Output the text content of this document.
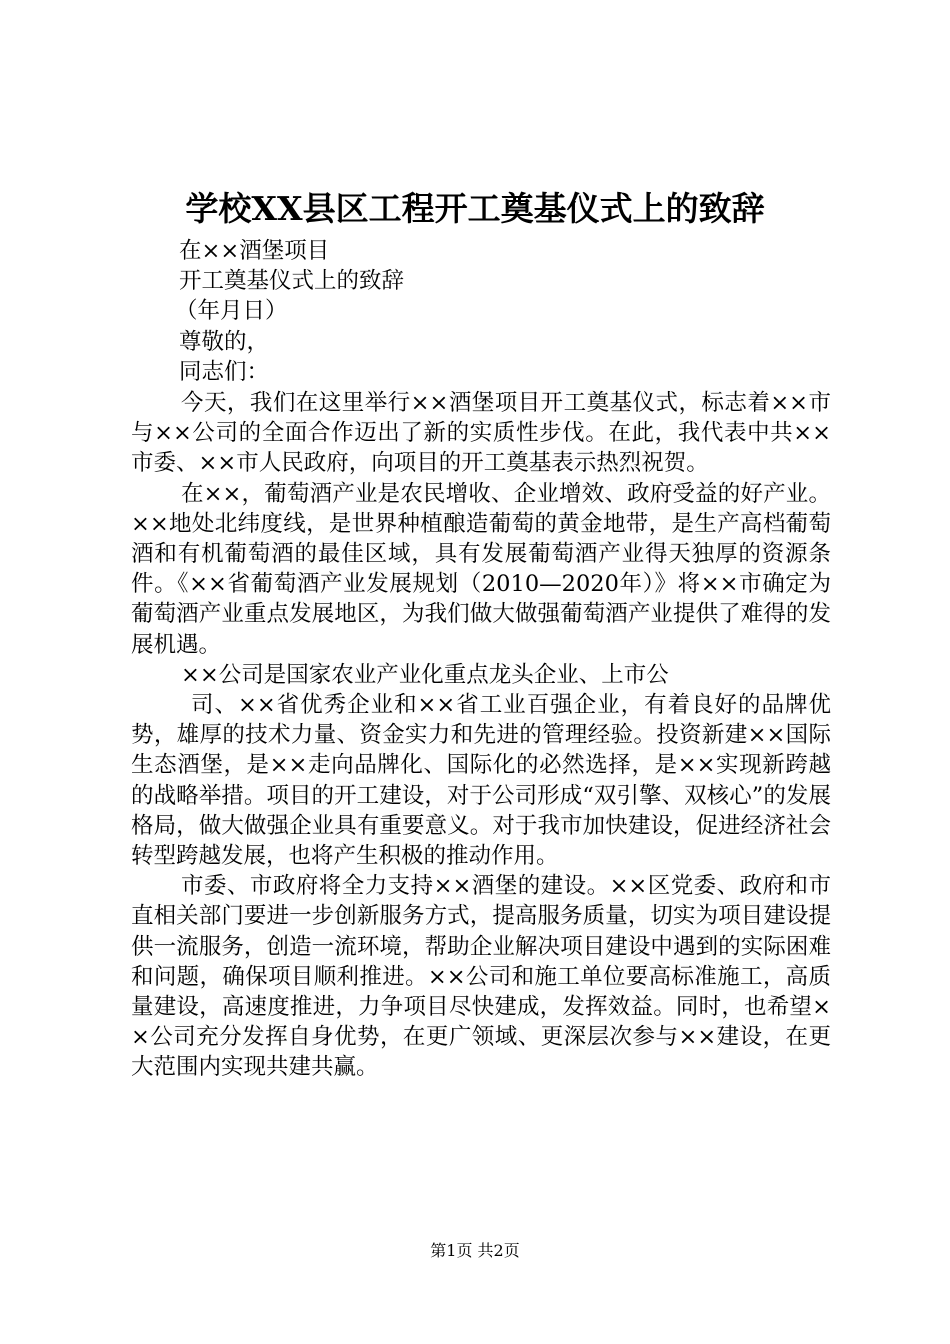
学校XX县区工程开工奠基仪式上的致辞
在××酒堡项目
开工奠基仪式上的致辞
（年月日）
尊敬的，
同志们：

今天，我们在这里举行××酒堡项目开工奠基仪式，标志着××市与××公司的全面合作迈出了新的实质性步伐。在此，我代表中共××市委、××市人民政府，向项目的开工奠基表示热烈祝贺。

在××，葡萄酒产业是农民增收、企业增效、政府受益的好产业。××地处北纬度线，是世界种植酿造葡萄的黄金地带，是生产高档葡萄酒和有机葡萄酒的最佳区域，具有发展葡萄酒产业得天独厚的资源条件。《××省葡萄酒产业发展规划（2010—2020年）》将××市确定为葡萄酒产业重点发展地区，为我们做大做强葡萄酒产业提供了难得的发展机遇。

××公司是国家农业产业化重点龙头企业、上市公

司、××省优秀企业和××省工业百强企业，有着良好的品牌优势，雄厚的技术力量、资金实力和先进的管理经验。投资新建××国际生态酒堡，是××走向品牌化、国际化的必然选择，是××实现新跨越的战略举措。项目的开工建设，对于公司形成“双引擎、双核心”的发展格局，做大做强企业具有重要意义。对于我市加快建设，促进经济社会转型跨越发展，也将产生积极的推动作用。

市委、市政府将全力支持××酒堡的建设。××区党委、政府和市直相关部门要进一步创新服务方式，提高服务质量，切实为项目建设提供一流服务，创造一流环境，帮助企业解决项目建设中遇到的实际困难和问题，确保项目顺利推进。××公司和施工单位要高标准施工，高质量建设，高速度推进，力争项目尽快建成，发挥效益。同时，也希望××公司充分发挥自身优势，在更广领域、更深层次参与××建设，在更大范围内实现共建共赢。

第1页 共2页
